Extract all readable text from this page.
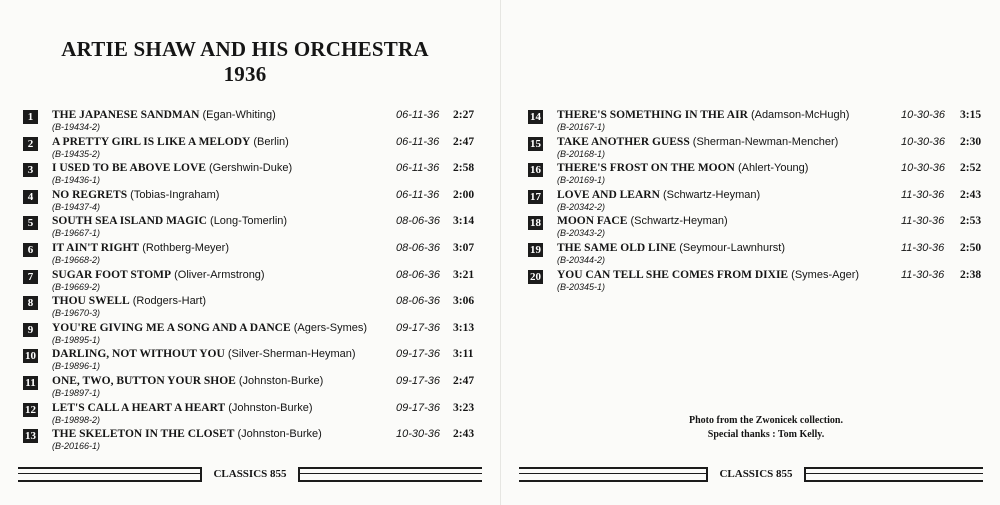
ARTIE SHAW AND HIS ORCHESTRA
1936
1	THE JAPANESE SANDMAN (Egan-Whiting)
(B-19434-2)
06-11-36 2:27
2	A PRETTY GIRL IS LIKE A MELODY (Berlin)
(B-19435-2)
06-11-36 2:47
3	I USED TO BE ABOVE LOVE (Gershwin-Duke)
(B-19436-1)
06-11-36 2:58
4	NO REGRETS (Tobias-Ingraham)
(B-19437-4)
06-11-36 2:00
5	SOUTH SEA ISLAND MAGIC (Long-Tomerlin)
(B-19667-1)
08-06-36 3:14
6	IT AIN'T RIGHT (Rothberg-Meyer)
(B-19668-2)
08-06-36 3:07
7	SUGAR FOOT STOMP (Oliver-Armstrong)
(B-19669-2)
08-06-36 3:21
8	THOU SWELL (Rodgers-Hart)
(B-19670-3)
08-06-36 3:06
9	YOU'RE GIVING ME A SONG AND A DANCE (Agers-Symes)
(B-19895-1)
09-17-36 3:13
10 DARLING, NOT WITHOUT YOU (Silver-Sherman-Heyman)
(B-19896-1)
09-17-36 3:11
11 ONE, TWO, BUTTON YOUR SHOE (Johnston-Burke)
(B-19897-1)
09-17-36 2:47
12 LET'S CALL A HEART A HEART (Johnston-Burke)
(B-19898-2)
09-17-36 3:23
13 THE SKELETON IN THE CLOSET (Johnston-Burke)
(B-20166-1)
10-30-36 2:43
CLASSICS 855
14 THERE'S SOMETHING IN THE AIR (Adamson-McHugh)
(B-20167-1)
10-30-36 3:15
15 TAKE ANOTHER GUESS (Sherman-Newman-Mencher)
(B-20168-1)
10-30-36 2:30
16 THERE'S FROST ON THE MOON (Ahlert-Young)
(B-20169-1)
10-30-36 2:52
17 LOVE AND LEARN (Schwartz-Heyman)
(B-20342-2)
11-30-36 2:43
18 MOON FACE (Schwartz-Heyman)
(B-20343-2)
11-30-36 2:53
19 THE SAME OLD LINE (Seymour-Lawnhurst)
(B-20344-2)
11-30-36 2:50
20 YOU CAN TELL SHE COMES FROM DIXIE (Symes-Ager)
(B-20345-1)
11-30-36 2:38
Photo from the Zwonicek collection.
Special thanks : Tom Kelly.
CLASSICS 855
